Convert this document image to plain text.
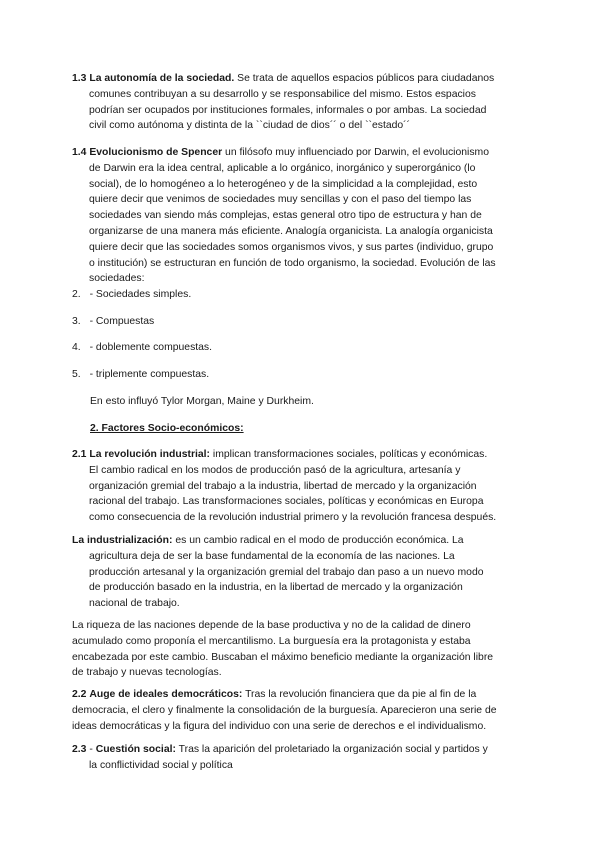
1.3 La autonomía de la sociedad. Se trata de aquellos espacios públicos para ciudadanos
comunes contribuyan a su desarrollo y se responsabilice del mismo. Estos espacios
podrían ser ocupados por instituciones formales, informales o por ambas. La sociedad
civil como autónoma y distinta de la ``ciudad de dios´´ o del ``estado´´
1.4 Evolucionismo de Spencer un filósofo muy influenciado por Darwin, el evolucionismo
de Darwin era la idea central, aplicable a lo orgánico, inorgánico y superorgánico (lo
social), de lo homogéneo a lo heterogéneo y de la simplicidad a la complejidad, esto
quiere decir que venimos de sociedades muy sencillas y con el paso del tiempo las
sociedades van siendo más complejas, estas general otro tipo de estructura y han de
organizarse de una manera más eficiente. Analogía organicista. La analogía organicista
quiere decir que las sociedades somos organismos vivos, y sus partes (individuo, grupo
o institución) se estructuran en función de todo organismo, la sociedad. Evolución de las
sociedades:
2. - Sociedades simples.
3. - Compuestas
4. - doblemente compuestas.
5. - triplemente compuestas.
En esto influyó Tylor Morgan, Maine y Durkheim.
2. Factores Socio-económicos:
2.1 La revolución industrial: implican transformaciones sociales, políticas y económicas.
El cambio radical en los modos de producción pasó de la agricultura, artesanía y
organización gremial del trabajo a la industria, libertad de mercado y la organización
racional del trabajo. Las transformaciones sociales, políticas y económicas en Europa
como consecuencia de la revolución industrial primero y la revolución francesa después.
La industrialización: es un cambio radical en el modo de producción económica. La
agricultura deja de ser la base fundamental de la economía de las naciones. La
producción artesanal y la organización gremial del trabajo dan paso a un nuevo modo
de producción basado en la industria, en la libertad de mercado y la organización
nacional de trabajo.
La riqueza de las naciones depende de la base productiva y no de la calidad de dinero
acumulado como proponía el mercantilismo. La burguesía era la protagonista y estaba
encabezada por este cambio. Buscaban el máximo beneficio mediante la organización libre
de trabajo y nuevas tecnologías.
2.2 Auge de ideales democráticos: Tras la revolución financiera que da pie al fin de la
democracia, el clero y finalmente la consolidación de la burguesía. Aparecieron una serie de
ideas democráticas y la figura del individuo con una serie de derechos e el individualismo.
2.3 - Cuestión social: Tras la aparición del proletariado la organización social y partidos y
la conflictividad social y política
